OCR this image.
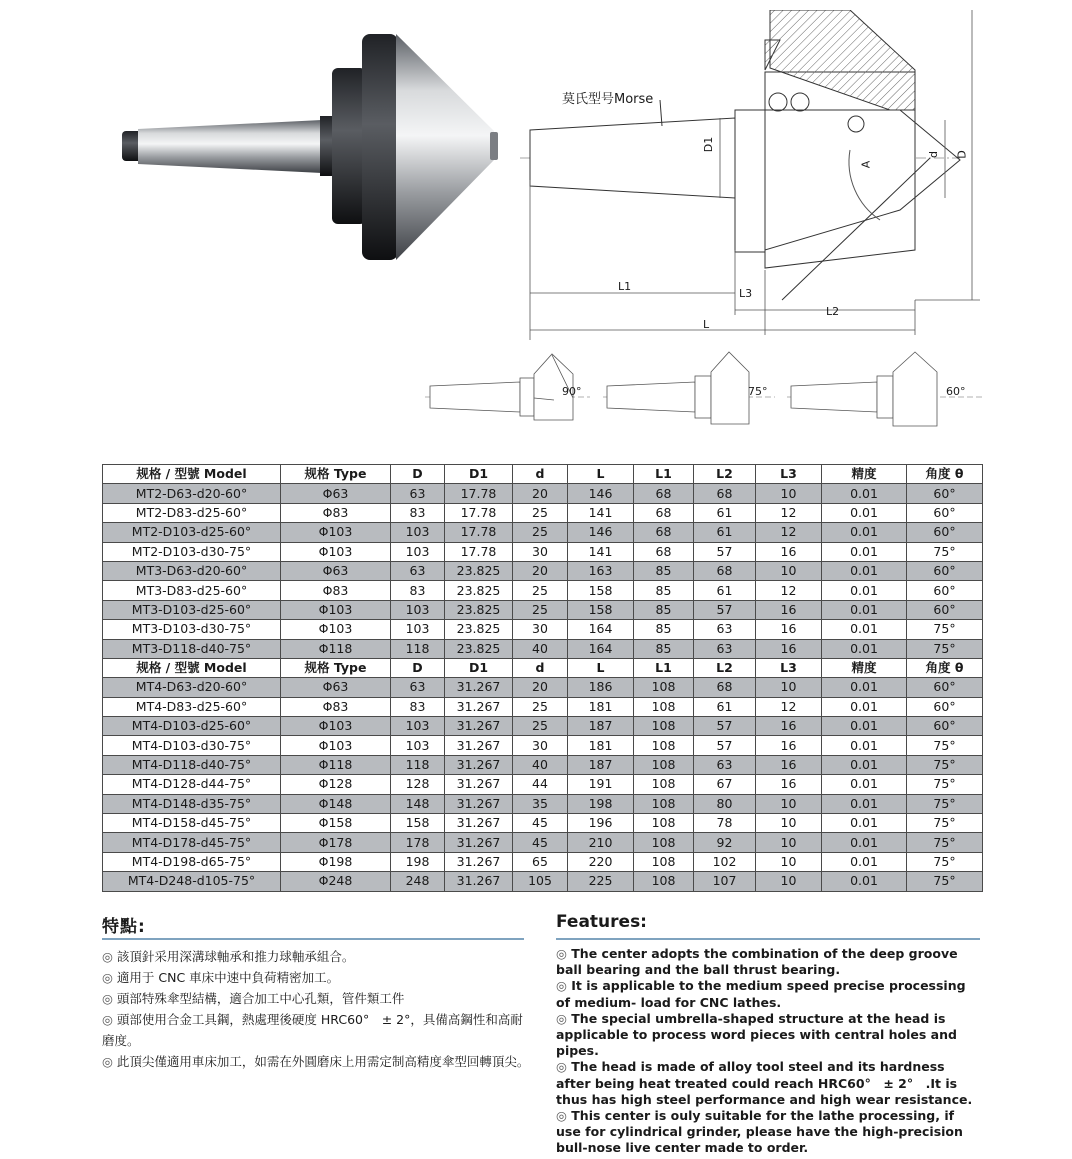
莫氏型号Morse
D1
d D
A
L1
L3
L2
L
90°	75°	60°
规格 / 型號 Model	规格 Type	D	D1	d	L	L1	L2	L3	精度	角度 θ
MT2-D63-d20-60°	Φ63	63	17.78	20	146	68	68	10	0.01	60°
MT2-D83-d25-60°	Φ83	83	17.78	25	141	68	61	12	0.01	60°
MT2-D103-d25-60°	Φ103	103	17.78	25	146	68	61	12	0.01	60°
MT2-D103-d30-75°	Φ103	103	17.78	30	141	68	57	16	0.01	75°
MT3-D63-d20-60°	Φ63	63	23.825	20	163	85	68	10	0.01	60°
MT3-D83-d25-60°	Φ83	83	23.825	25	158	85	61	12	0.01	60°
MT3-D103-d25-60°	Φ103	103	23.825	25	158	85	57	16	0.01	60°
MT3-D103-d30-75°	Φ103	103	23.825	30	164	85	63	16	0.01	75°
MT3-D118-d40-75°	Φ118	118	23.825	40	164	85	63	16	0.01	75°
规格 / 型號 Model	规格 Type	D	D1	d	L	L1	L2	L3	精度	角度 θ
MT4-D63-d20-60°	Φ63	63	31.267	20	186	108	68	10	0.01	60°
MT4-D83-d25-60°	Φ83	83	31.267	25	181	108	61	12	0.01	60°
MT4-D103-d25-60°	Φ103	103	31.267	25	187	108	57	16	0.01	60°
MT4-D103-d30-75°	Φ103	103	31.267	30	181	108	57	16	0.01	75°
MT4-D118-d40-75°	Φ118	118	31.267	40	187	108	63	16	0.01	75°
MT4-D128-d44-75°	Φ128	128	31.267	44	191	108	67	16	0.01	75°
MT4-D148-d35-75°	Φ148	148	31.267	35	198	108	80	10	0.01	75°
MT4-D158-d45-75°	Φ158	158	31.267	45	196	108	78	10	0.01	75°
MT4-D178-d45-75°	Φ178	178	31.267	45	210	108	92	10	0.01	75°
MT4-D198-d65-75°	Φ198	198	31.267	65	220	108	102	10	0.01	75°
MT4-D248-d105-75°	Φ248	248	31.267	105	225	108	107	10	0.01	75°
特點:

◎ 該頂針采用深溝球軸承和推力球軸承組合。

◎ 適用于 CNC 車床中速中負荷精密加工。

◎ 頭部特殊傘型結構，適合加工中心孔類，管件類工件

◎ 頭部使用合金工具鋼，熱處理後硬度 HRC60°　± 2°，具備高鋼性和高耐磨度。

◎ 此頂尖僅適用車床加工，如需在外圓磨床上用需定制高精度傘型回轉頂尖。

Features:

◎ The center adopts the combination of the deep groove ball bearing and the ball thrust bearing.

◎ It is applicable to the medium speed precise processing of medium- load for CNC lathes.

◎ The special umbrella-shaped structure at the head is applicable to process word pieces with central holes and pipes.

◎ The head is made of alloy tool steel and its hardness after being heat treated could reach HRC60°　± 2°　.It is thus has high steel performance and high wear resistance.

◎ This center is ouly suitable for the lathe processing, if use for cylindrical grinder, please have the high-precision bull-nose live center made to order.
